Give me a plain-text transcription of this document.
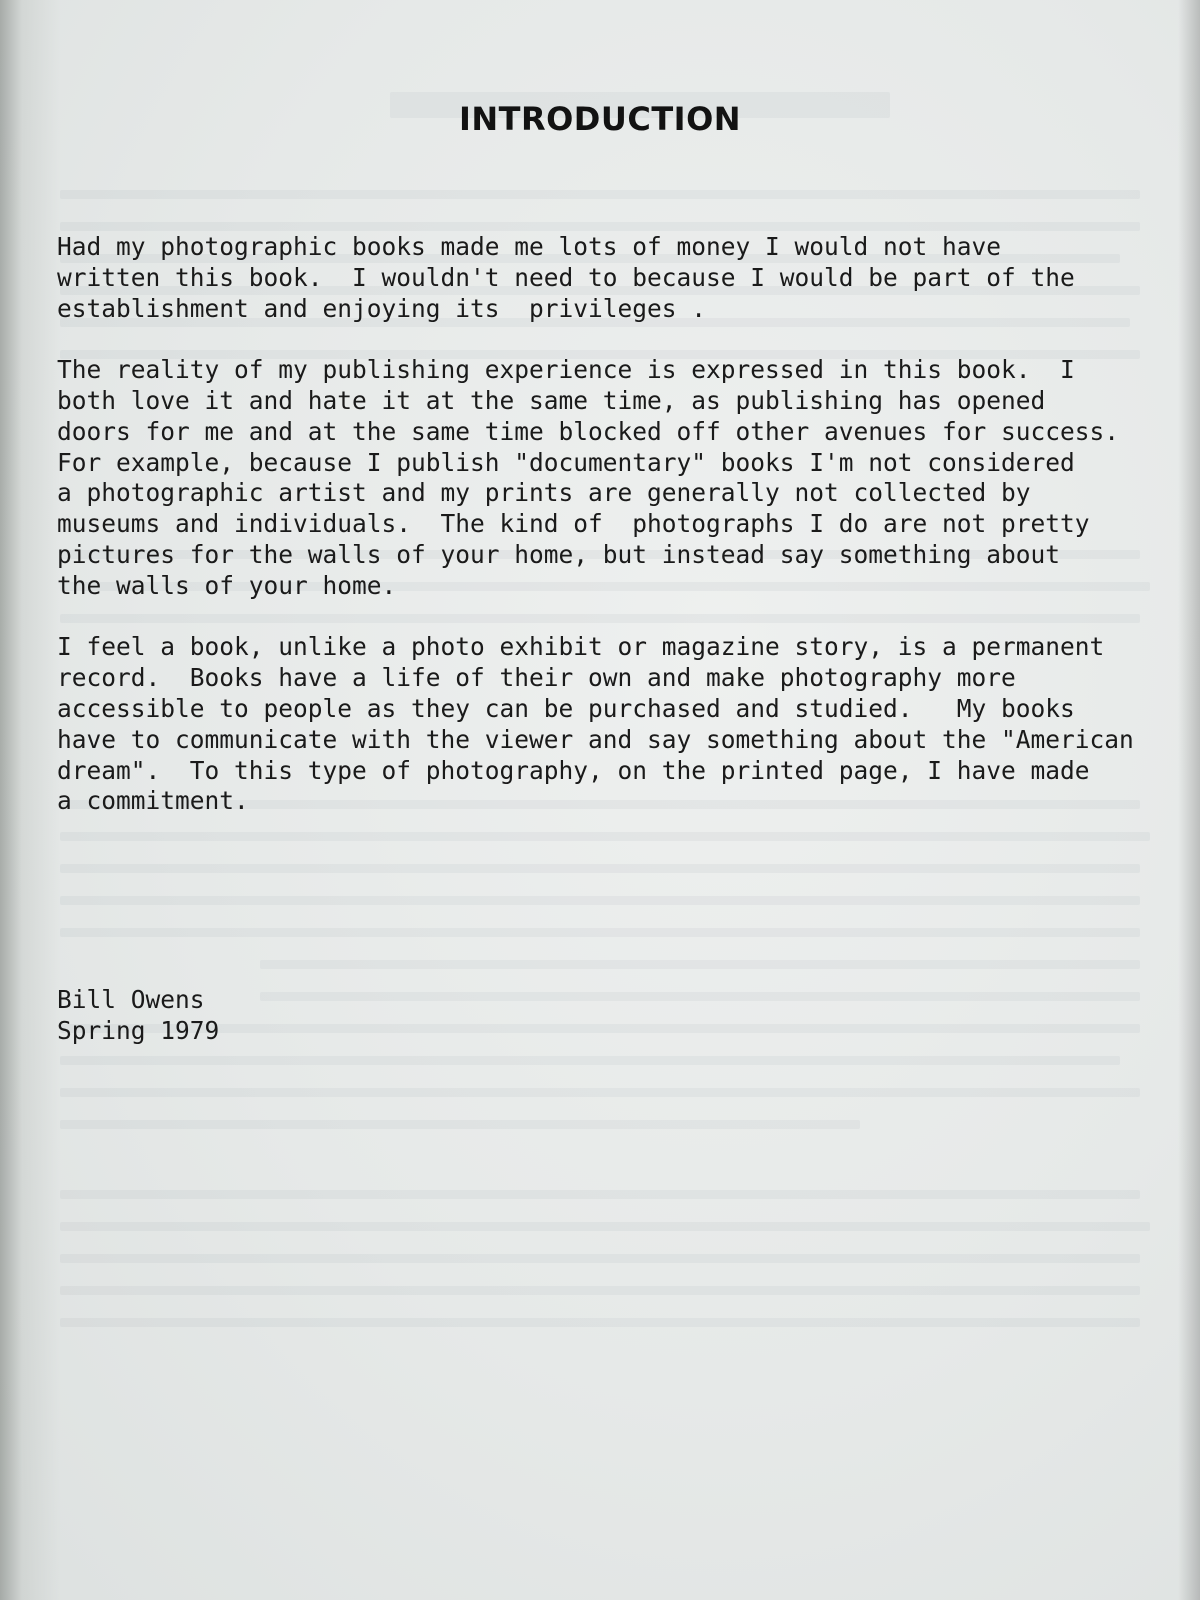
INTRODUCTION
Had my photographic books made me lots of money I would not have
written this book.  I wouldn't need to because I would be part of the
establishment and enjoying its  privileges .
The reality of my publishing experience is expressed in this book.  I
both love it and hate it at the same time, as publishing has opened
doors for me and at the same time blocked off other avenues for success.
For example, because I publish "documentary" books I'm not considered
a photographic artist and my prints are generally not collected by
museums and individuals.  The kind of  photographs I do are not pretty
pictures for the walls of your home, but instead say something about
the walls of your home.
I feel a book, unlike a photo exhibit or magazine story, is a permanent
record.  Books have a life of their own and make photography more
accessible to people as they can be purchased and studied.   My books
have to communicate with the viewer and say something about the "American
dream".  To this type of photography, on the printed page, I have made
a commitment.
Bill Owens
Spring 1979
